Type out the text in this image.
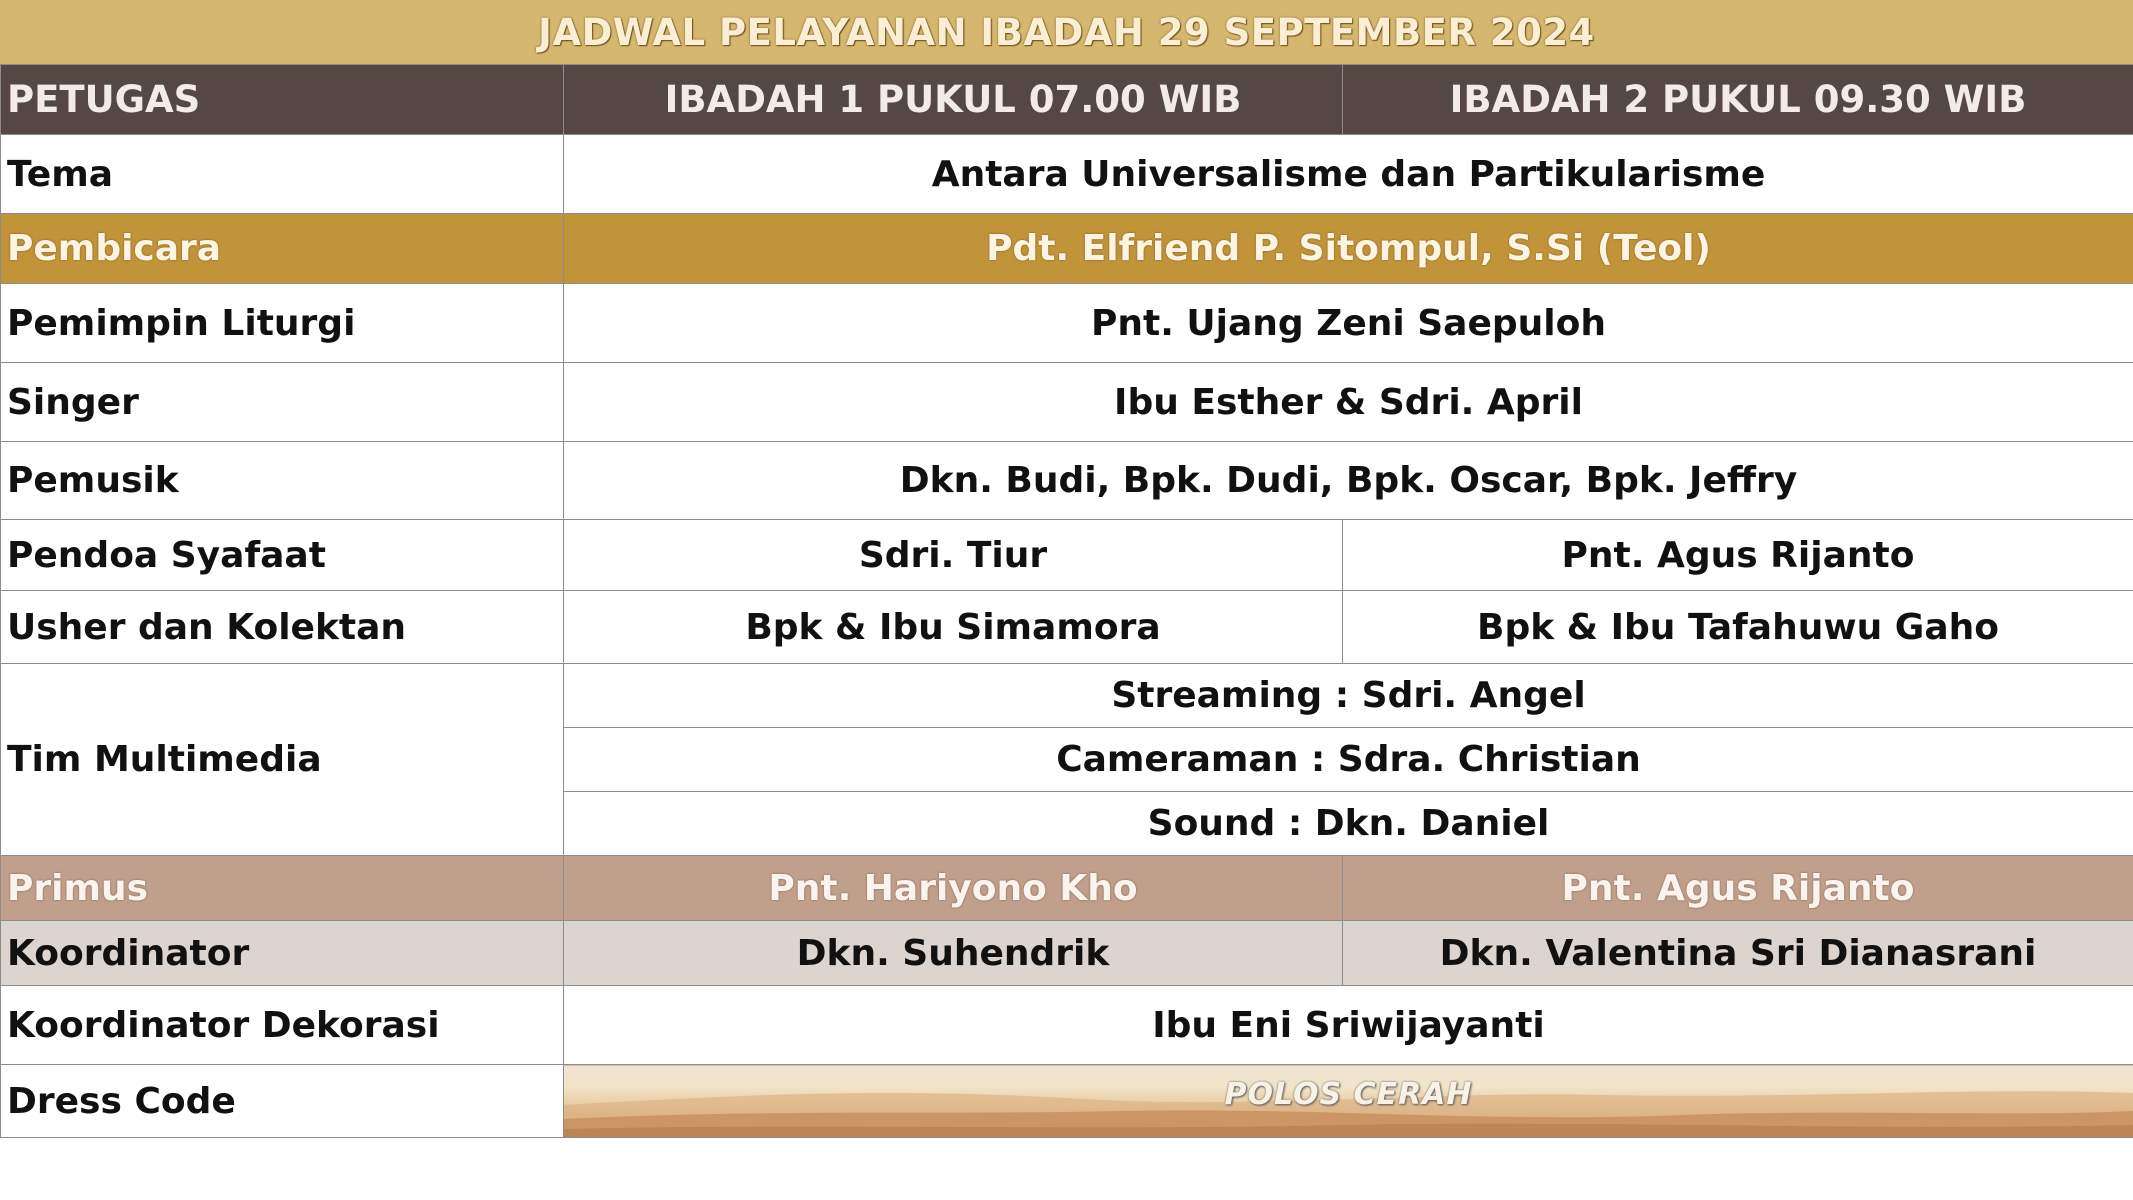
JADWAL PELAYANAN IBADAH 29 SEPTEMBER 2024
PETUGAS	IBADAH 1 PUKUL 07.00 WIB	IBADAH 2 PUKUL 09.30 WIB
Tema	Antara Universalisme dan Partikularisme	
Pembicara	Pdt. Elfriend P. Sitompul, S.Si (Teol)	
Pemimpin Liturgi	Pnt. Ujang Zeni Saepuloh	
Singer	Ibu Esther & Sdri. April	
Pemusik	Dkn. Budi, Bpk. Dudi, Bpk. Oscar, Bpk. Jeffry	
Pendoa Syafaat	Sdri. Tiur	Pnt. Agus Rijanto
Usher dan Kolektan	Bpk & Ibu Simamora	Bpk & Ibu Tafahuwu Gaho
Tim Multimedia	Streaming : Sdri. Angel	
	Cameraman : Sdra. Christian	
	Sound : Dkn. Daniel	
Primus	Pnt. Hariyono Kho	Pnt. Agus Rijanto
Koordinator	Dkn. Suhendrik	Dkn. Valentina Sri Dianasrani
Koordinator Dekorasi	Ibu Eni Sriwijayanti	
Dress Code	POLOS CERAH	
